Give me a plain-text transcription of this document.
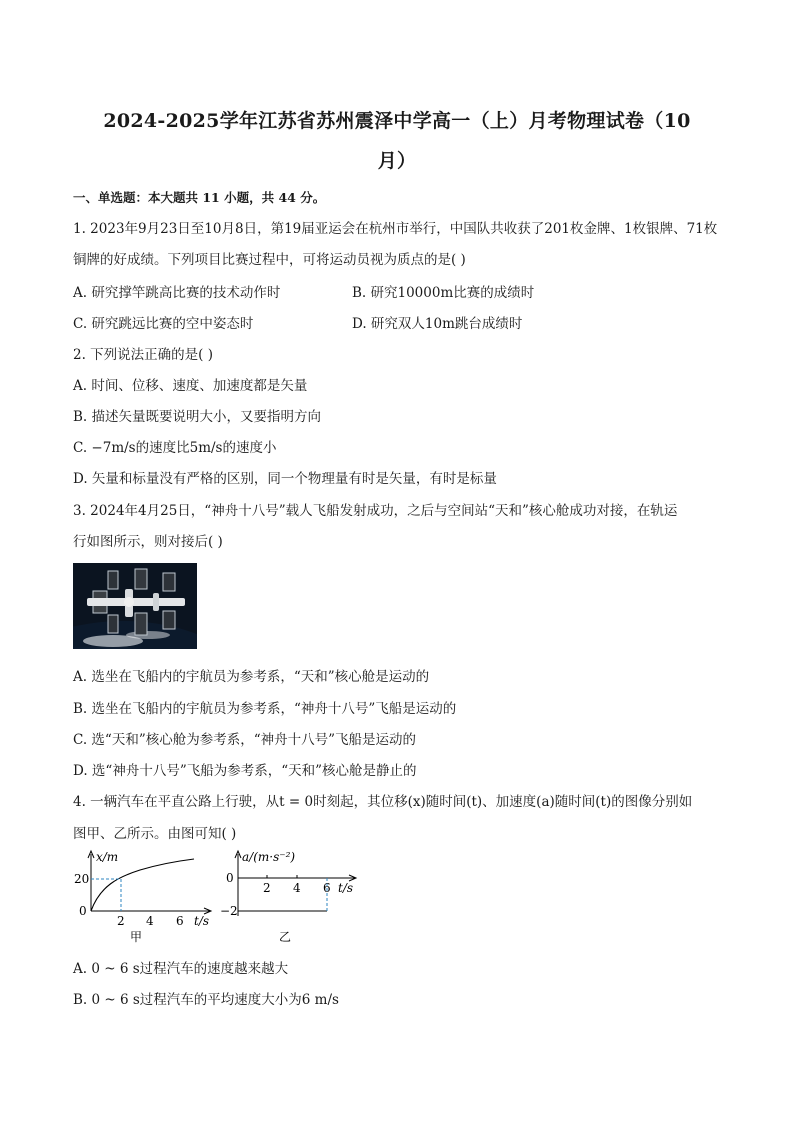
2024-2025学年江苏省苏州震泽中学高一（上）月考物理试卷（10
月）
一、单选题：本大题共 11 小题，共 44 分。
1. 2023年9月23日至10月8日，第19届亚运会在杭州市举行，中国队共收获了201枚金牌、1枚银牌、71枚
铜牌的好成绩。下列项目比赛过程中，可将运动员视为质点的是( )
A. 研究撑竿跳高比赛的技术动作时	B. 研究10000m比赛的成绩时
C. 研究跳远比赛的空中姿态时	D. 研究双人10m跳台成绩时
2. 下列说法正确的是( )
A. 时间、位移、速度、加速度都是矢量
B. 描述矢量既要说明大小，又要指明方向
C. −7m/s的速度比5m/s的速度小
D. 矢量和标量没有严格的区别，同一个物理量有时是矢量，有时是标量
3. 2024年4月25日，“神舟十八号”载人飞船发射成功，之后与空间站“天和”核心舱成功对接，在轨运
行如图所示，则对接后( )
A. 选坐在飞船内的宇航员为参考系，“天和”核心舱是运动的
B. 选坐在飞船内的宇航员为参考系，“神舟十八号”飞船是运动的
C. 选“天和”核心舱为参考系，“神舟十八号”飞船是运动的
D. 选“神舟十八号”飞船为参考系，“天和”核心舱是静止的
4. 一辆汽车在平直公路上行驶，从t = 0时刻起，其位移(x)随时间(t)、加速度(a)随时间(t)的图像分别如
图甲、乙所示。由图可知( )
x/m
20
0
2 4 6 t/s
甲
a/(m·s⁻²)
0
−2
2 4 6 t/s
乙
A. 0 ~ 6 s过程汽车的速度越来越大
B. 0 ~ 6 s过程汽车的平均速度大小为6 m/s
